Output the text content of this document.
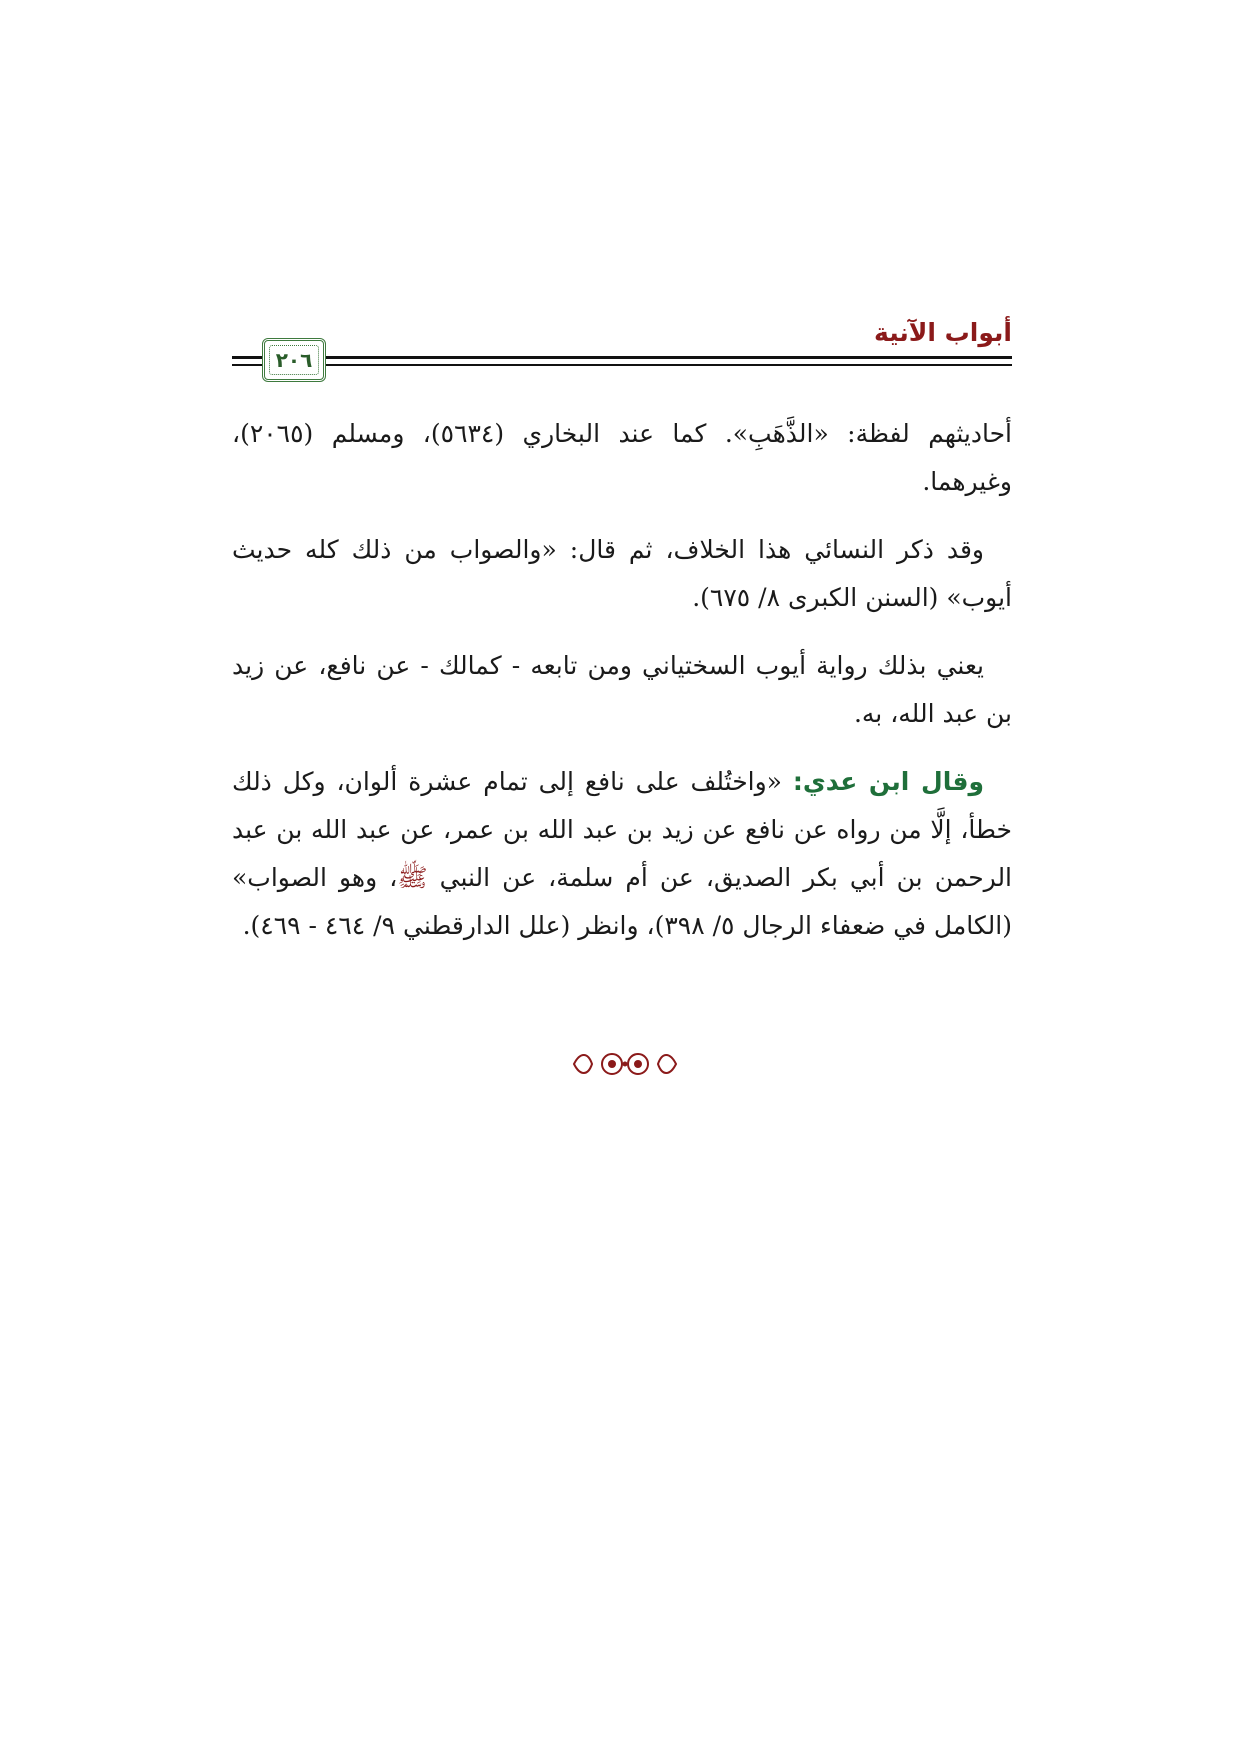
أبواب الآنية
٢٠٦

أحاديثهم لفظة: «الذَّهَبِ». كما عند البخاري (٥٦٣٤)، ومسلم (٢٠٦٥)، وغيرهما.

وقد ذكر النسائي هذا الخلاف، ثم قال: «والصواب من ذلك كله حديث أيوب» (السنن الكبرى ٨/ ٦٧٥).

يعني بذلك رواية أيوب السختياني ومن تابعه - كمالك - عن نافع، عن زيد بن عبد الله، به.

وقال ابن عدي: «واختُلف على نافع إلى تمام عشرة ألوان، وكل ذلك خطأ، إلَّا من رواه عن نافع عن زيد بن عبد الله بن عمر، عن عبد الله بن عبد الرحمن بن أبي بكر الصديق، عن أم سلمة، عن النبي ﷺ، وهو الصواب» (الكامل في ضعفاء الرجال ٥/ ٣٩٨)، وانظر (علل الدارقطني ٩/ ٤٦٤ - ٤٦٩).
